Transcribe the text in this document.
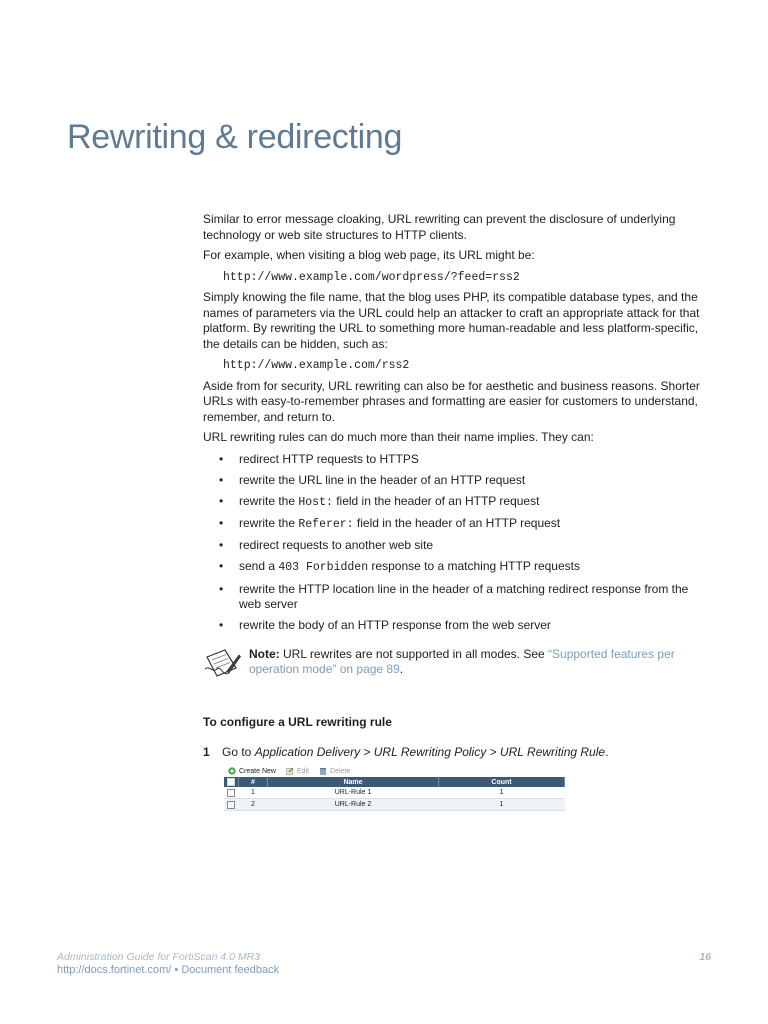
Rewriting & redirecting

Similar to error message cloaking, URL rewriting can prevent the disclosure of underlying technology or web site structures to HTTP clients.

For example, when visiting a blog web page, its URL might be:

http://www.example.com/wordpress/?feed=rss2

Simply knowing the file name, that the blog uses PHP, its compatible database types, and the names of parameters via the URL could help an attacker to craft an appropriate attack for that platform. By rewriting the URL to something more human-readable and less platform-specific, the details can be hidden, such as:

http://www.example.com/rss2

Aside from for security, URL rewriting can also be for aesthetic and business reasons. Shorter URLs with easy-to-remember phrases and formatting are easier for customers to understand, remember, and return to.

URL rewriting rules can do much more than their name implies. They can:

• redirect HTTP requests to HTTPS
• rewrite the URL line in the header of an HTTP request
• rewrite the Host: field in the header of an HTTP request
• rewrite the Referer: field in the header of an HTTP request
• redirect requests to another web site
• send a 403 Forbidden response to a matching HTTP requests
• rewrite the HTTP location line in the header of a matching redirect response from the web server
• rewrite the body of an HTTP response from the web server
Note: URL rewrites are not supported in all modes. See “Supported features per operation mode” on page 89.
To configure a URL rewriting rule
1 Go to Application Delivery > URL Rewriting Policy > URL Rewriting Rule.
Create New	Edit	Delete
	#	Name	Count
	1	URL-Rule 1	1
	2	URL-Rule 2	1
Administration Guide for FortiScan 4.0 MR3	16
http://docs.fortinet.com/ • Document feedback
